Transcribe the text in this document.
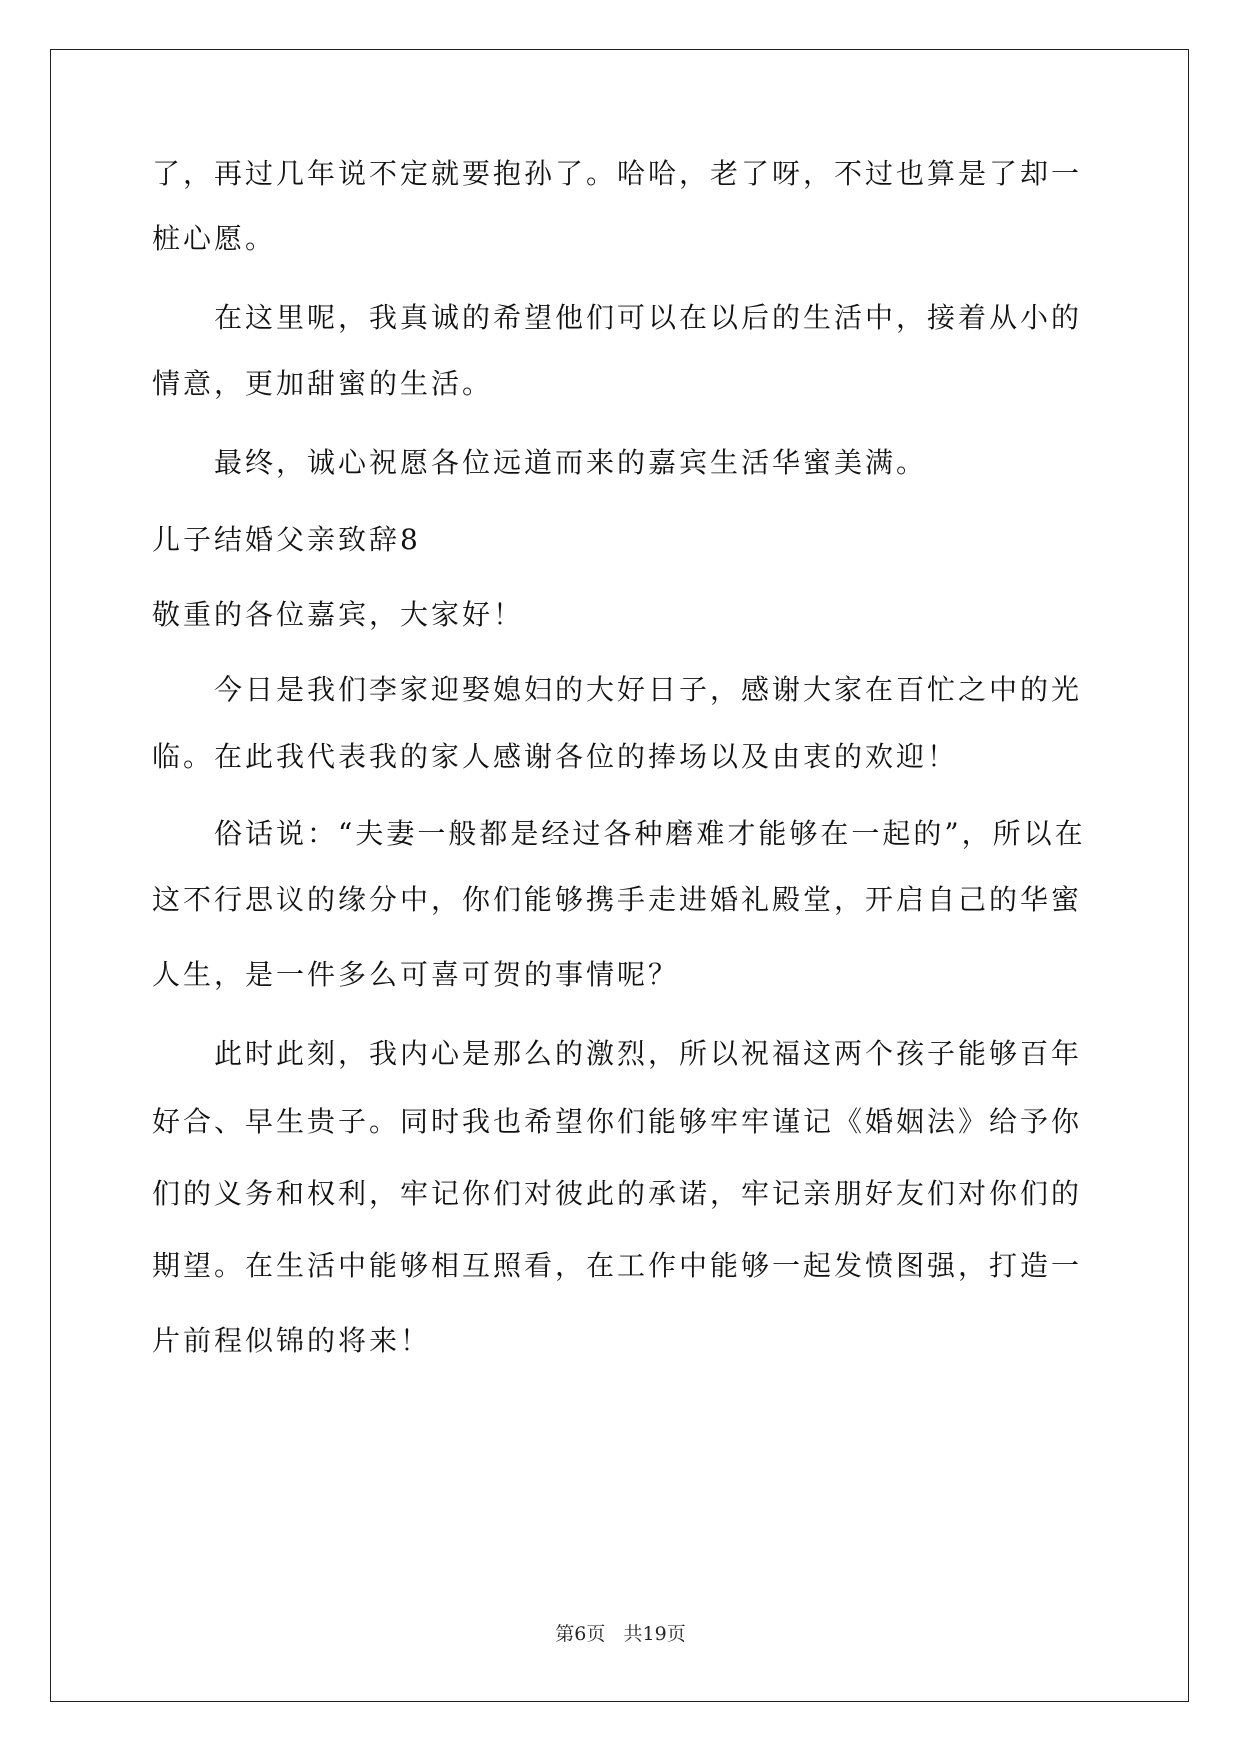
了，再过几年说不定就要抱孙了。哈哈，老了呀，不过也算是了却一
桩心愿。
在这里呢，我真诚的希望他们可以在以后的生活中，接着从小的
情意，更加甜蜜的生活。
最终，诚心祝愿各位远道而来的嘉宾生活华蜜美满。
儿子结婚父亲致辞8
敬重的各位嘉宾，大家好！
今日是我们李家迎娶媳妇的大好日子，感谢大家在百忙之中的光
临。在此我代表我的家人感谢各位的捧场以及由衷的欢迎！
俗话说：“夫妻一般都是经过各种磨难才能够在一起的”，所以在
这不行思议的缘分中，你们能够携手走进婚礼殿堂，开启自己的华蜜
人生，是一件多么可喜可贺的事情呢？
此时此刻，我内心是那么的激烈，所以祝福这两个孩子能够百年
好合、早生贵子。同时我也希望你们能够牢牢谨记《婚姻法》给予你
们的义务和权利，牢记你们对彼此的承诺，牢记亲朋好友们对你们的
期望。在生活中能够相互照看，在工作中能够一起发愤图强，打造一
片前程似锦的将来！
第6页 共19页
